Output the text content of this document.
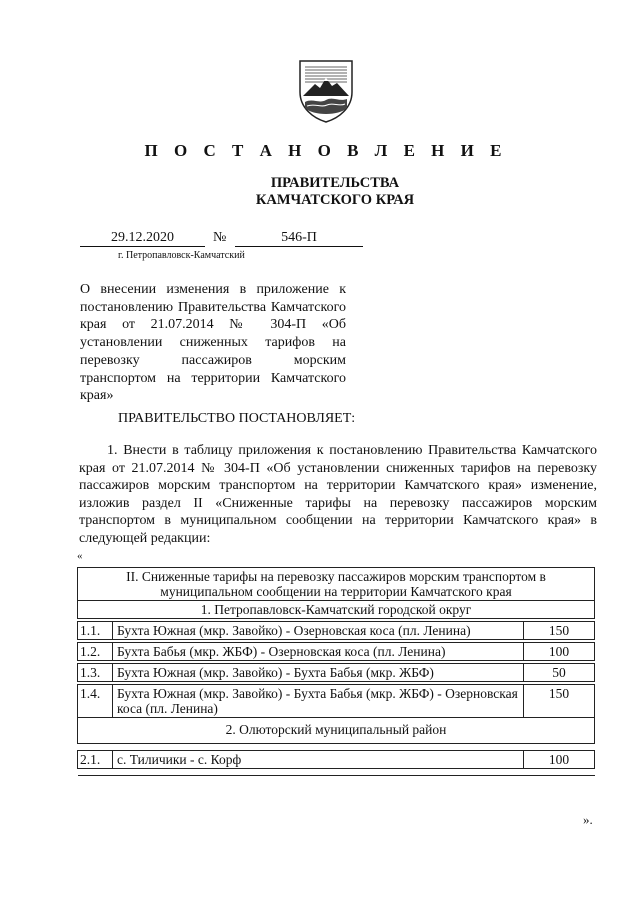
П О С Т А Н О В Л Е Н И Е
ПРАВИТЕЛЬСТВА
КАМЧАТСКОГО КРАЯ
29.12.2020	№	546-П
г. Петропавловск-Камчатский
О внесении изменения в приложение к постановлению Правительства Камчатского края от 21.07.2014 № 304-П «Об установлении сниженных тарифов на перевозку пассажиров морским транспортом на территории Камчатского края»
ПРАВИТЕЛЬСТВО ПОСТАНОВЛЯЕТ:
1. Внести в таблицу приложения к постановлению Правительства Камчатского края от 21.07.2014 № 304-П «Об установлении сниженных тарифов на перевозку пассажиров морским транспортом на территории Камчатского края» изменение, изложив раздел II «Сниженные тарифы на перевозку пассажиров морским транспортом в муниципальном сообщении на территории Камчатского края» в следующей редакции:
«
II. Сниженные тарифы на перевозку пассажиров морским транспортом в муниципальном сообщении на территории Камчатского края		
1. Петропавловск-Камчатский городской округ		

1.1.	Бухта Южная (мкр. Завойко) - Озерновская коса (пл. Ленина)	150

1.2.	Бухта Бабья (мкр. ЖБФ) - Озерновская коса (пл. Ленина)	100

1.3.	Бухта Южная (мкр. Завойко) - Бухта Бабья (мкр. ЖБФ)	50

1.4.	Бухта Южная (мкр. Завойко) - Бухта Бабья (мкр. ЖБФ) - Озерновская коса (пл. Ленина)	150
2. Олюторский муниципальный район		

2.1.	с. Тиличики - с. Корф	100

».
